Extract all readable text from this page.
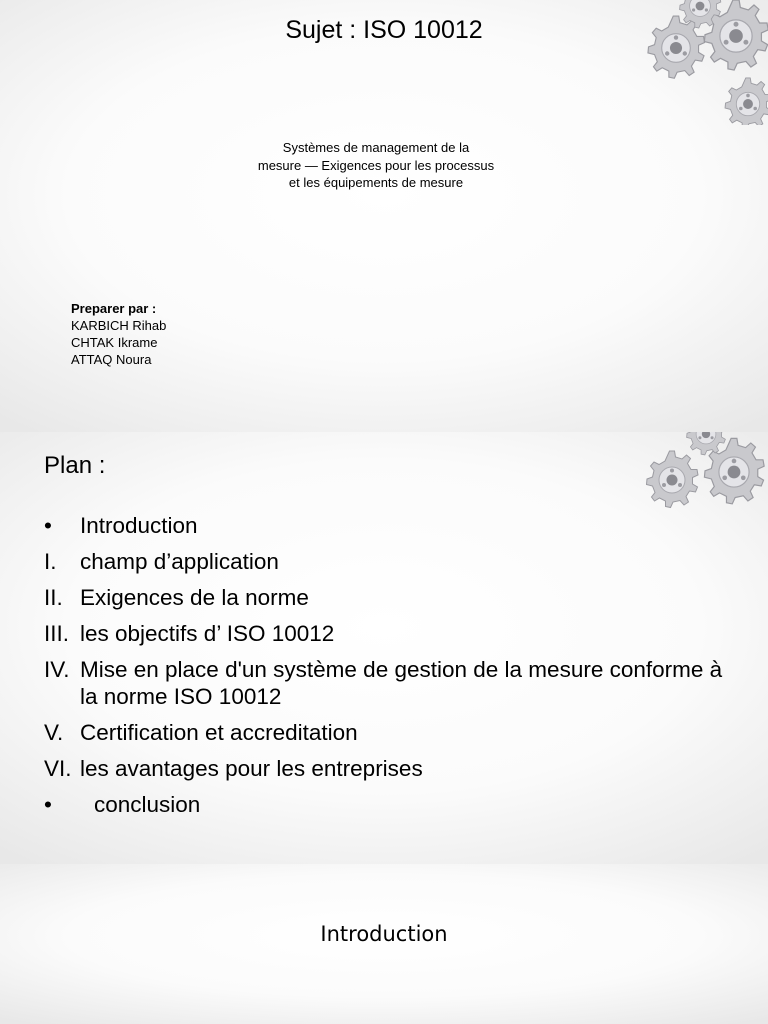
Sujet : ISO 10012
Systèmes de management de la
mesure — Exigences pour les processus
et les équipements de mesure
Preparer par :
KARBICH Rihab
CHTAK Ikrame
ATTAQ Noura
Plan :
•	Introduction
I.	champ d’application
II. Exigences de la norme
III. les objectifs d’ ISO 10012
IV. Mise en place d'un système de gestion de la mesure conforme à la norme ISO 10012
V. Certification et accreditation
VI. les avantages pour les entreprises
•	conclusion
Introduction
